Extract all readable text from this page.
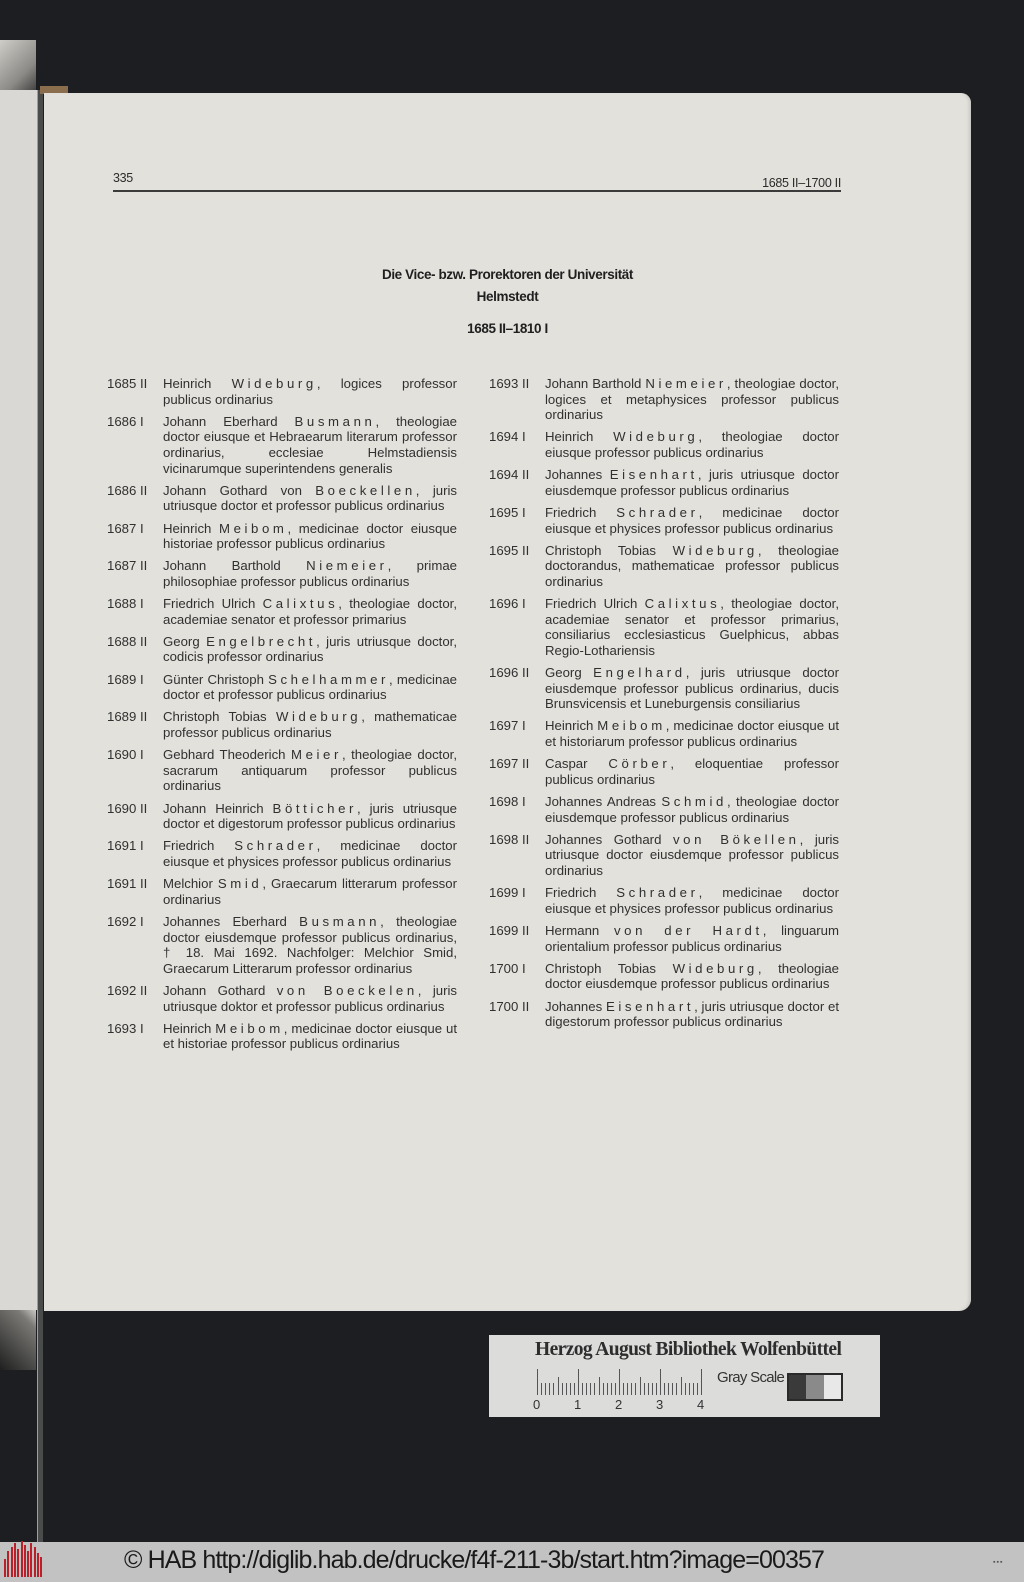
Die Vice- bzw. Prorektoren der Universität
Helmstedt
1685 II–1810 I
335	1685 II–1700 II
1685 II	Heinrich Wideburg, logices professor publicus ordinarius
1686 I	Johann Eberhard Busmann, theologiae doctor eiusque et Hebraearum literarum professor ordinarius, ecclesiae Helmstadiensis vicinarumque superintendens generalis
1686 II	Johann Gothard von Boeckellen, juris utriusque doctor et professor publicus ordinarius
1687 I	Heinrich Meibom, medicinae doctor eiusque historiae professor publicus ordinarius
1687 II	Johann Barthold Niemeier, primae philosophiae professor publicus ordinarius
1688 I	Friedrich Ulrich Calixtus, theologiae doctor, academiae senator et professor primarius
1688 II	Georg Engelbrecht, juris utriusque doctor, codicis professor ordinarius
1689 I	Günter Christoph Schelhammer, medicinae doctor et professor publicus ordinarius
1689 II	Christoph Tobias Wideburg, mathematicae professor publicus ordinarius
1690 I	Gebhard Theoderich Meier, theologiae doctor, sacrarum antiquarum professor publicus ordinarius
1690 II	Johann Heinrich Bötticher, juris utriusque doctor et digestorum professor publicus ordinarius
1691 I	Friedrich Schrader, medicinae doctor eiusque et physices professor publicus ordinarius
1691 II	Melchior Smid, Graecarum litterarum professor ordinarius
1692 I	Johannes Eberhard Busmann, theologiae doctor eiusdemque professor publicus ordinarius, † 18. Mai 1692. Nachfolger: Melchior Smid, Graecarum Litterarum professor ordinarius
1692 II	Johann Gothard von Boeckelen, juris utriusque doktor et professor publicus ordinarius
1693 I	Heinrich Meibom, medicinae doctor eiusque ut et historiae professor publicus ordinarius
1693 II	Johann Barthold Niemeier, theologiae doctor, logices et metaphysices professor publicus ordinarius
1694 I	Heinrich Wideburg, theologiae doctor eiusque professor publicus ordinarius
1694 II	Johannes Eisenhart, juris utriusque doctor eiusdemque professor publicus ordinarius
1695 I	Friedrich Schrader, medicinae doctor eiusque et physices professor publicus ordinarius
1695 II	Christoph Tobias Wideburg, theologiae doctorandus, mathematicae professor publicus ordinarius
1696 I	Friedrich Ulrich Calixtus, theologiae doctor, academiae senator et professor primarius, consiliarius ecclesiasticus Guelphicus, abbas Regio-Lothariensis
1696 II	Georg Engelhard, juris utriusque doctor eiusdemque professor publicus ordinarius, ducis Brunsvicensis et Luneburgensis consiliarius
1697 I	Heinrich Meibom, medicinae doctor eiusque ut et historiarum professor publicus ordinarius
1697 II	Caspar Cörber, eloquentiae professor publicus ordinarius
1698 I	Johannes Andreas Schmid, theologiae doctor eiusdemque professor publicus ordinarius
1698 II	Johannes Gothard von Bökellen, juris utriusque doctor eiusdemque professor publicus ordinarius
1699 I	Friedrich Schrader, medicinae doctor eiusque et physices professor publicus ordinarius
1699 II	Hermann von der Hardt, linguarum orientalium professor publicus ordinarius
1700 I	Christoph Tobias Wideburg, theologiae doctor eiusdemque professor publicus ordinarius
1700 II	Johannes Eisenhart, juris utriusque doctor et digestorum professor publicus ordinarius
Herzog August Bibliothek Wolfenbüttel
0	1	2	3	4
Gray Scale
© HAB http://diglib.hab.de/drucke/f4f-211-3b/start.htm?image=00357	▪▪▪
